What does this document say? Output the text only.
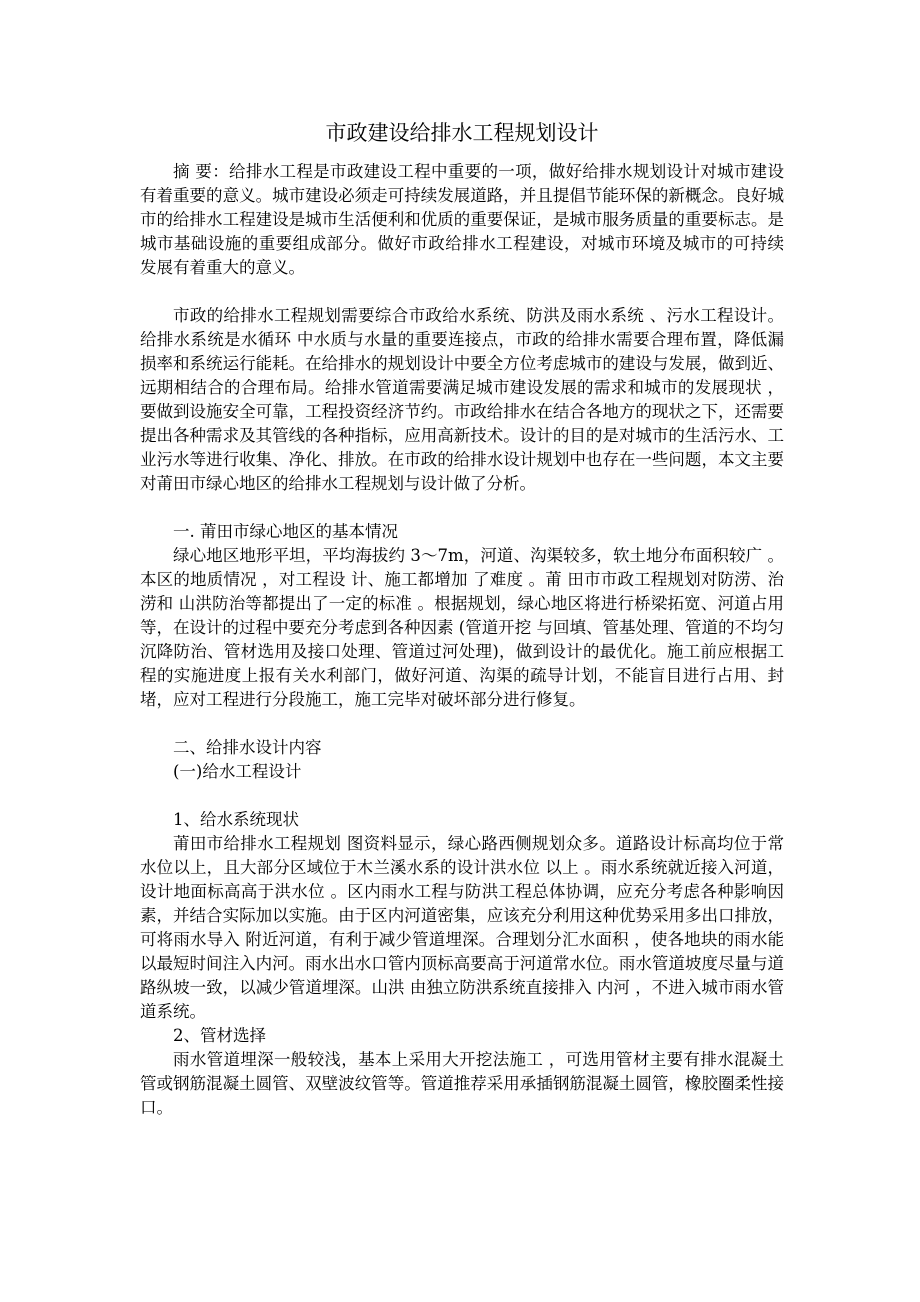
市政建设给排水工程规划设计

摘 要：给排水工程是市政建设工程中重要的一项，做好给排水规划设计对城市建设有着重要的意义。城市建设必须走可持续发展道路，并且提倡节能环保的新概念。良好城市的给排水工程建设是城市生活便利和优质的重要保证，是城市服务质量的重要标志。是城市基础设施的重要组成部分。做好市政给排水工程建设，对城市环境及城市的可持续 发展有着重大的意义。

市政的给排水工程规划需要综合市政给水系统、防洪及雨水系统 、污水工程设计。给排水系统是水循环 中水质与水量的重要连接点，市政的给排水需要合理布置，降低漏损率和系统运行能耗。在给排水的规划设计中要全方位考虑城市的建设与发展，做到近、远期相结合的合理布局。给排水管道需要满足城市建设发展的需求和城市的发展现状 ，要做到设施安全可靠，工程投资经济节约。市政给排水在结合各地方的现状之下，还需要提出各种需求及其管线的各种指标，应用高新技术。设计的目的是对城市的生活污水、工业污水等进行收集、净化、排放。在市政的给排水设计规划中也存在一些问题，本文主要对莆田市绿心地区的给排水工程规划与设计做了分析。

一. 莆田市绿心地区的基本情况

绿心地区地形平坦，平均海拔约 3～7m，河道、沟渠较多，软土地分布面积较广 。本区的地质情况 ，对工程设 计、施工都增加 了难度 。莆 田市市政工程规划对防涝、治涝和 山洪防治等都提出了一定的标准 。根据规划，绿心地区将进行桥梁拓宽、河道占用等，在设计的过程中要充分考虑到各种因素 (管道开挖 与回填、管基处理、管道的不均匀沉降防治、管材选用及接口处理、管道过河处理)，做到设计的最优化。施工前应根据工程的实施进度上报有关水利部门，做好河道、沟渠的疏导计划，不能盲目进行占用、封堵，应对工程进行分段施工，施工完毕对破坏部分进行修复。

二、给排水设计内容

(一)给水工程设计

1、给水系统现状

莆田市给排水工程规划 图资料显示，绿心路西侧规划众多。道路设计标高均位于常水位以上，且大部分区域位于木兰溪水系的设计洪水位 以上 。雨水系统就近接入河道，设计地面标高高于洪水位 。区内雨水工程与防洪工程总体协调，应充分考虑各种影响因素，并结合实际加以实施。由于区内河道密集，应该充分利用这种优势采用多出口排放，可将雨水导入 附近河道，有利于减少管道埋深。合理划分汇水面积 ，使各地块的雨水能以最短时间注入内河。雨水出水口管内顶标高要高于河道常水位。雨水管道坡度尽量与道路纵坡一致，以减少管道埋深。山洪 由独立防洪系统直接排入 内河 ，不进入城市雨水管道系统。

2、管材选择

雨水管道埋深一般较浅，基本上采用大开挖法施工 ，可选用管材主要有排水混凝土管或钢筋混凝土圆管、双壁波纹管等。管道推荐采用承插钢筋混凝土圆管，橡胶圈柔性接口。
